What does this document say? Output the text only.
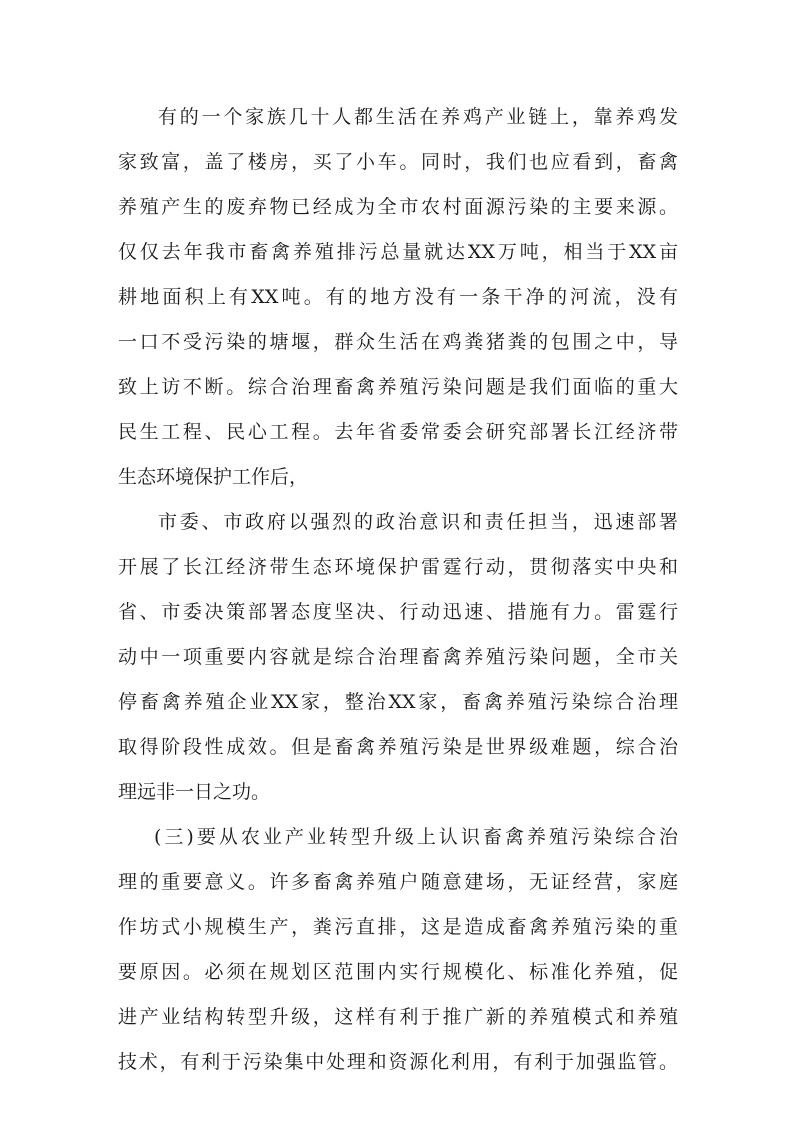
有的一个家族几十人都生活在养鸡产业链上，靠养鸡发
家致富，盖了楼房，买了小车。同时，我们也应看到，畜禽
养殖产生的废弃物已经成为全市农村面源污染的主要来源。
仅仅去年我市畜禽养殖排污总量就达XX万吨，相当于XX亩
耕地面积上有XX吨。有的地方没有一条干净的河流，没有
一口不受污染的塘堰，群众生活在鸡粪猪粪的包围之中，导
致上访不断。综合治理畜禽养殖污染问题是我们面临的重大
民生工程、民心工程。去年省委常委会研究部署长江经济带
生态环境保护工作后，
市委、市政府以强烈的政治意识和责任担当，迅速部署
开展了长江经济带生态环境保护雷霆行动，贯彻落实中央和
省、市委决策部署态度坚决、行动迅速、措施有力。雷霆行
动中一项重要内容就是综合治理畜禽养殖污染问题，全市关
停畜禽养殖企业XX家，整治XX家，畜禽养殖污染综合治理
取得阶段性成效。但是畜禽养殖污染是世界级难题，综合治
理远非一日之功。
(三)要从农业产业转型升级上认识畜禽养殖污染综合治
理的重要意义。许多畜禽养殖户随意建场，无证经营，家庭
作坊式小规模生产，粪污直排，这是造成畜禽养殖污染的重
要原因。必须在规划区范围内实行规模化、标准化养殖，促
进产业结构转型升级，这样有利于推广新的养殖模式和养殖
技术，有利于污染集中处理和资源化利用，有利于加强监管。
